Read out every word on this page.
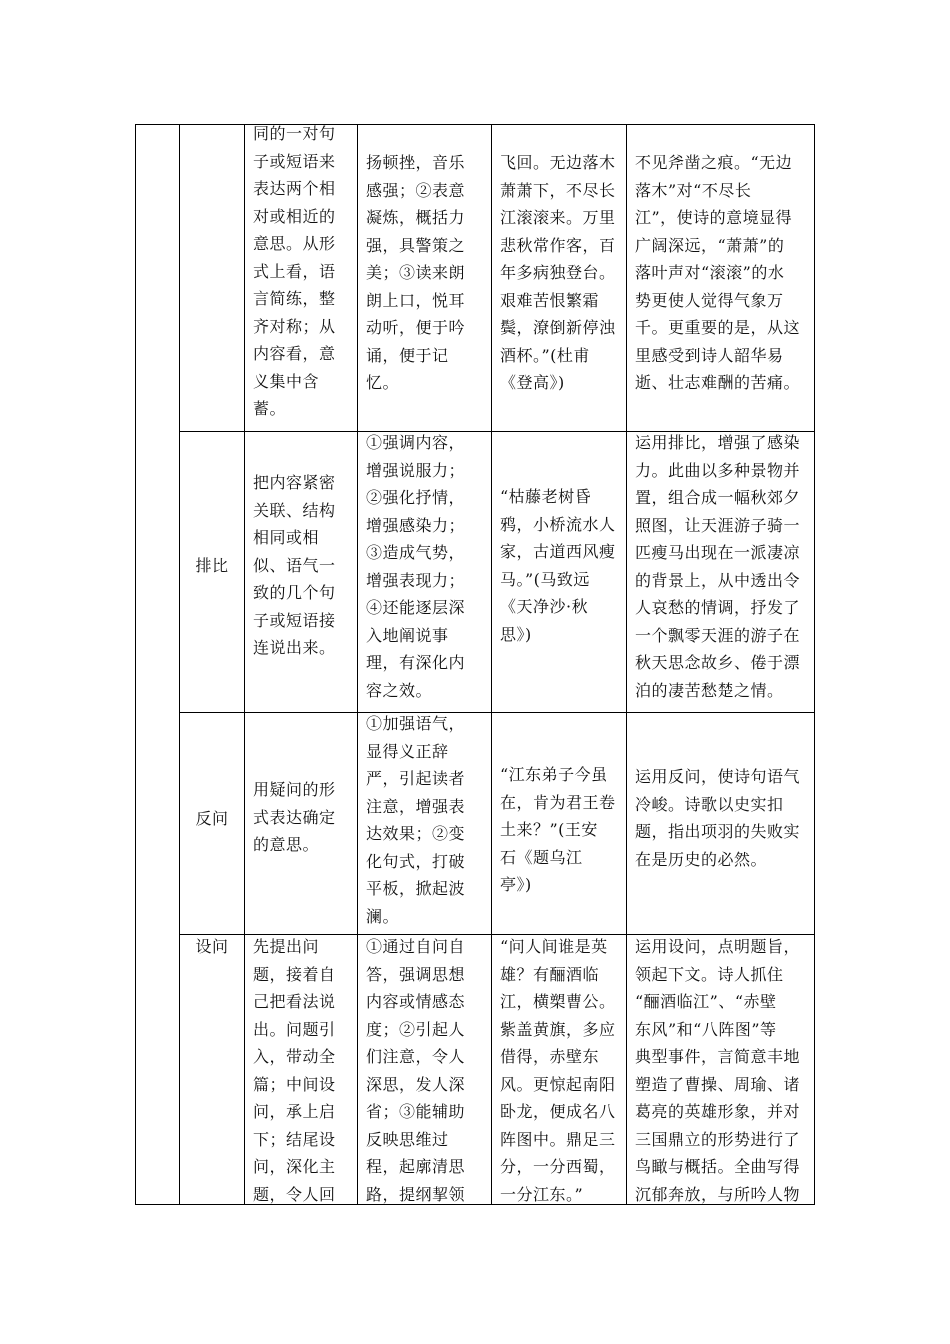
同的一对句
子或短语来
表达两个相
对或相近的
意思。从形
式上看，语
言简练，整
齐对称；从
内容看，意
义集中含
蓄。
扬顿挫，音乐
感强；②表意
凝炼，概括力
强，具警策之
美；③读来朗
朗上口，悦耳
动听，便于吟
诵，便于记
忆。
飞回。无边落木
萧萧下，不尽长
江滚滚来。万里
悲秋常作客，百
年多病独登台。
艰难苦恨繁霜
鬓，潦倒新停浊
酒杯。”(杜甫
《登高》)
不见斧凿之痕。“无边
落木”对“不尽长
江”，使诗的意境显得
广阔深远，“萧萧”的
落叶声对“滚滚”的水
势更使人觉得气象万
千。更重要的是，从这
里感受到诗人韶华易
逝、壮志难酬的苦痛。
排比
把内容紧密
关联、结构
相同或相
似、语气一
致的几个句
子或短语接
连说出来。
①强调内容，
增强说服力；
②强化抒情，
增强感染力；
③造成气势，
增强表现力；
④还能逐层深
入地阐说事
理，有深化内
容之效。
“枯藤老树昏
鸦，小桥流水人
家，古道西风瘦
马。”(马致远
《天净沙·秋
思》)
运用排比，增强了感染
力。此曲以多种景物并
置，组合成一幅秋郊夕
照图，让天涯游子骑一
匹瘦马出现在一派凄凉
的背景上，从中透出令
人哀愁的情调，抒发了
一个飘零天涯的游子在
秋天思念故乡、倦于漂
泊的凄苦愁楚之情。
反问
用疑问的形
式表达确定
的意思。
①加强语气，
显得义正辞
严，引起读者
注意，增强表
达效果；②变
化句式，打破
平板，掀起波
澜。
“江东弟子今虽
在，肯为君王卷
土来？”(王安
石《题乌江
亭》)
运用反问，使诗句语气
冷峻。诗歌以史实扣
题，指出项羽的失败实
在是历史的必然。
设问	先提出问
题，接着自
己把看法说
出。问题引
入，带动全
篇；中间设
问，承上启
下；结尾设
问，深化主
题，令人回
①通过自问自
答，强调思想
内容或情感态
度；②引起人
们注意，令人
深思，发人深
省；③能辅助
反映思维过
程，起廓清思
路，提纲挈领
“问人间谁是英
雄？有酾酒临
江，横槊曹公。
紫盖黄旗，多应
借得，赤壁东
风。更惊起南阳
卧龙，便成名八
阵图中。鼎足三
分，一分西蜀，
一分江东。”
运用设问，点明题旨，
领起下文。诗人抓住
“酾酒临江”、“赤壁
东风”和“八阵图”等
典型事件，言简意丰地
塑造了曹操、周瑜、诸
葛亮的英雄形象，并对
三国鼎立的形势进行了
鸟瞰与概括。全曲写得
沉郁奔放，与所吟人物
